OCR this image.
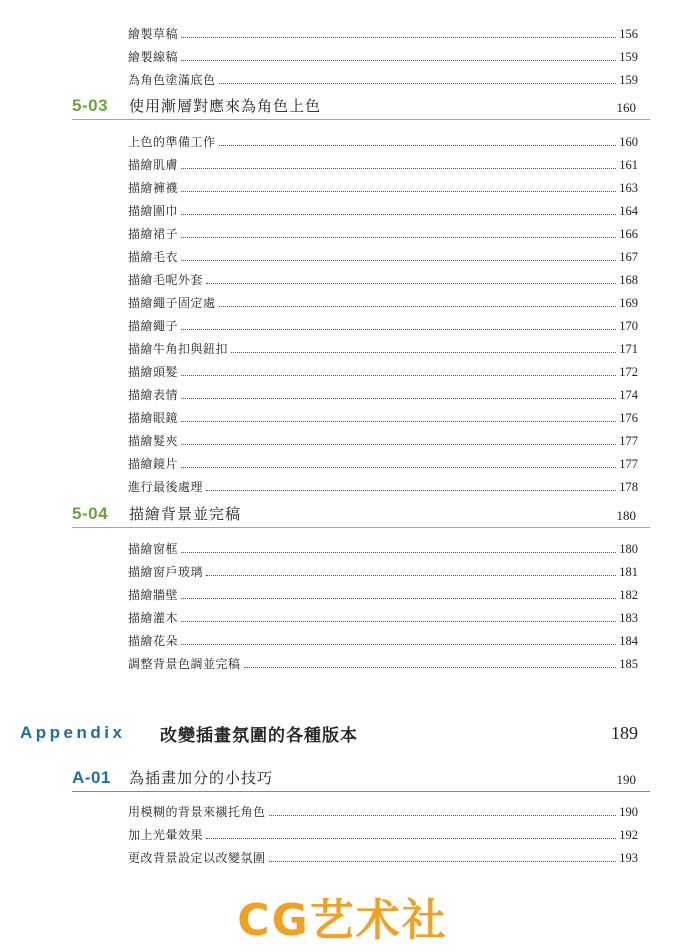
繪製草稿	156
繪製線稿	159
為角色塗滿底色	159
5-03	使用漸層對應來為角色上色	160
上色的準備工作	160
描繪肌膚	161
描繪褲襪	163
描繪圍巾	164
描繪裙子	166
描繪毛衣	167
描繪毛呢外套	168
描繪繩子固定處	169
描繪繩子	170
描繪牛角扣與鈕扣	171
描繪頭髮	172
描繪表情	174
描繪眼鏡	176
描繪髮夾	177
描繪鏡片	177
進行最後處理	178
5-04	描繪背景並完稿	180
描繪窗框	180
描繪窗戶玻璃	181
描繪牆壁	182
描繪灌木	183
描繪花朵	184
調整背景色調並完稿	185
Appendix	改變插畫氛圍的各種版本	189
A-01	為插畫加分的小技巧	190
用模糊的背景來襯托角色	190
加上光暈效果	192
更改背景設定以改變氛圍	193
CG艺术社
